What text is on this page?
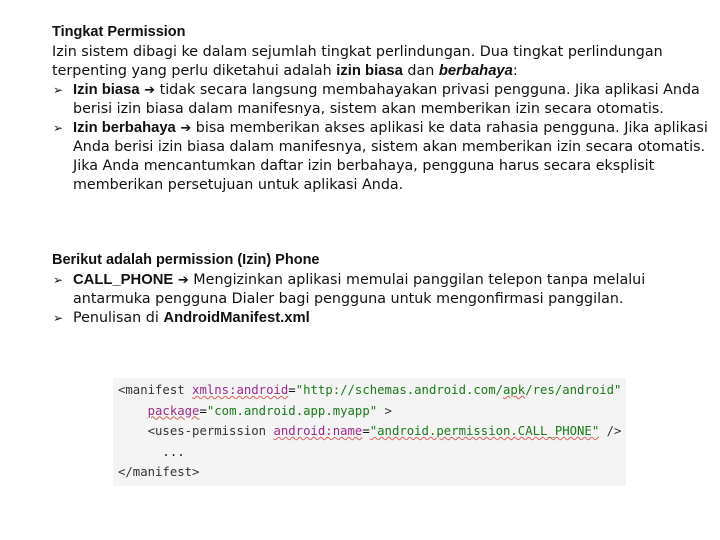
Tingkat Permission
Izin sistem dibagi ke dalam sejumlah tingkat perlindungan. Dua tingkat perlindungan terpenting yang perlu diketahui adalah izin biasa dan berbahaya:
➢ Izin biasa ➔ tidak secara langsung membahayakan privasi pengguna. Jika aplikasi Anda berisi izin biasa dalam manifesnya, sistem akan memberikan izin secara otomatis.
➢ Izin berbahaya ➔ bisa memberikan akses aplikasi ke data rahasia pengguna. Jika aplikasi Anda berisi izin biasa dalam manifesnya, sistem akan memberikan izin secara otomatis. Jika Anda mencantumkan daftar izin berbahaya, pengguna harus secara eksplisit memberikan persetujuan untuk aplikasi Anda.
Berikut adalah permission (Izin) Phone
➢ CALL_PHONE ➔ Mengizinkan aplikasi memulai panggilan telepon tanpa melalui antarmuka pengguna Dialer bagi pengguna untuk mengonfirmasi panggilan.
➢ Penulisan di AndroidManifest.xml
<manifest xmlns:android="http://schemas.android.com/apk/res/android"
package="com.android.app.myapp" >
<uses-permission android:name="android.permission.CALL_PHONE" />
...
</manifest>
